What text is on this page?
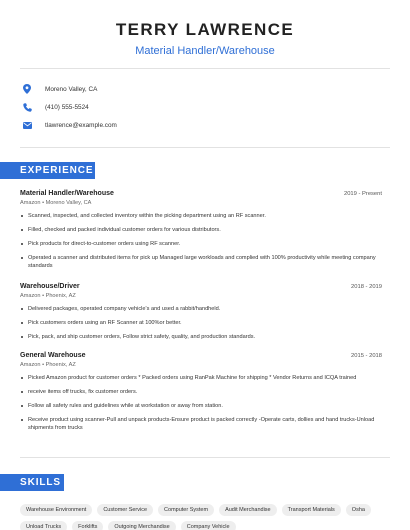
TERRY LAWRENCE
Material Handler/Warehouse
Moreno Valley, CA
(410) 555-5524
tlawrence@example.com
EXPERIENCE
Material Handler/Warehouse	2019 - Present
Amazon • Moreno Valley, CA
Scanned, inspected, and collected inventory within the picking department using an RF scanner.
Filled, checked and packed individual customer orders for various distributors.
Pick products for direct-to-customer orders using RF scanner.
Operated a scanner and distributed items for pick up Managed large workloads and complied with 100% productivity while meeting company standards
Warehouse/Driver	2018 - 2019
Amazon • Phoenix, AZ
Delivered packages, operated company vehicle's and used a rabbit/handheld.
Pick customers orders using an RF Scanner at 100%or better.
Pick, pack, and ship customer orders, Follow strict safety, quality, and production standards.
General Warehouse	2015 - 2018
Amazon • Phoenix, AZ
Picked Amazon product for customer orders * Packed orders using RanPak Machine for shipping * Vendor Returns and ICQA trained
receive items off trucks, fix customer orders.
Follow all safety rules and guidelines while at workstation or away from station.
Receive product using scanner-Pull and unpack products-Ensure product is packed correctly -Operate carts, dollies and hand trucks-Unload shipments from trucks
SKILLS
Warehouse Environment	Customer Service	Computer System	Audit Merchandise	Transport Materials	Osha
Unload Trucks	Forklifts	Outgoing Merchandise	Company Vehicle
